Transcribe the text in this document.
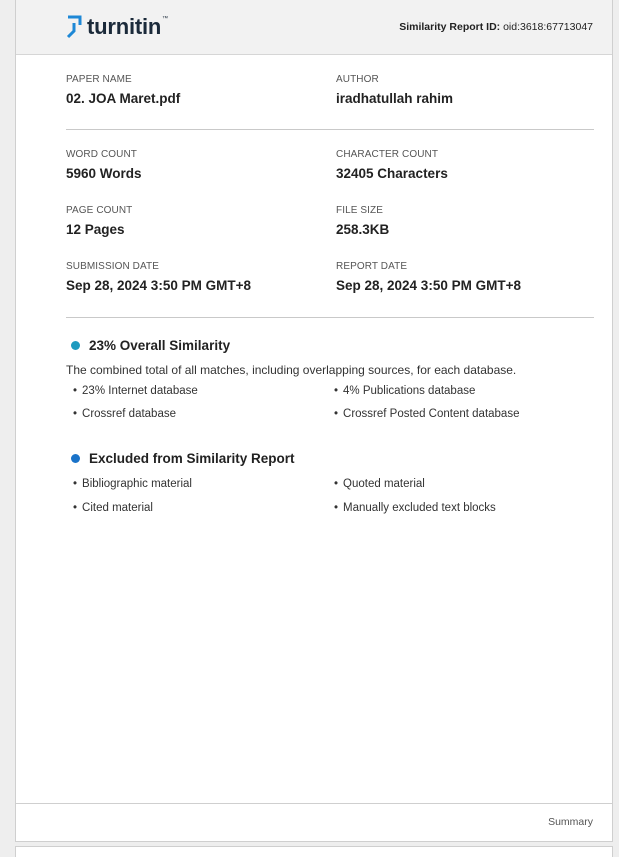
turnitin ™
Similarity Report ID: oid:3618:67713047
PAPER NAME
02. JOA Maret.pdf
AUTHOR
iradhatullah rahim
WORD COUNT
5960 Words
CHARACTER COUNT
32405 Characters
PAGE COUNT
12 Pages
FILE SIZE
258.3KB
SUBMISSION DATE
Sep 28, 2024 3:50 PM GMT+8
REPORT DATE
Sep 28, 2024 3:50 PM GMT+8
23% Overall Similarity
The combined total of all matches, including overlapping sources, for each database.
• 23% Internet database	• 4% Publications database
• Crossref database	• Crossref Posted Content database
Excluded from Similarity Report
• Bibliographic material	• Quoted material
• Cited material	• Manually excluded text blocks
Summary
